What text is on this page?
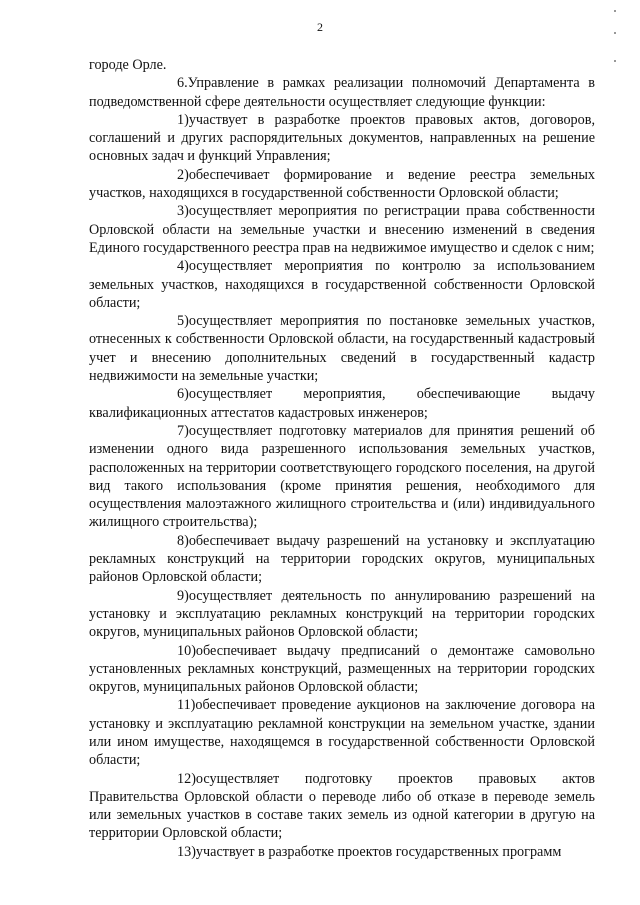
2

городе Орле.

6.Управление в рамках реализации полномочий Департамента в подведомственной сфере деятельности осуществляет следующие функции:

1)участвует в разработке проектов правовых актов, договоров, соглашений и других распорядительных документов, направленных на решение основных задач и функций Управления;

2)обеспечивает формирование и ведение реестра земельных участков, находящихся в государственной собственности Орловской области;

3)осуществляет мероприятия по регистрации права собственности Орловской области на земельные участки и внесению изменений в сведения Единого государственного реестра прав на недвижимое имущество и сделок с ним;

4)осуществляет мероприятия по контролю за использованием земельных участков, находящихся в государственной собственности Орловской области;

5)осуществляет мероприятия по постановке земельных участков, отнесенных к собственности Орловской области, на государственный кадастровый учет и внесению дополнительных сведений в государственный кадастр недвижимости на земельные участки;

6)осуществляет мероприятия, обеспечивающие выдачу квалификационных аттестатов кадастровых инженеров;

7)осуществляет подготовку материалов для принятия решений об изменении одного вида разрешенного использования земельных участков, расположенных на территории соответствующего городского поселения, на другой вид такого использования (кроме принятия решения, необходимого для осуществления малоэтажного жилищного строительства и (или) индивидуального жилищного строительства);

8)обеспечивает выдачу разрешений на установку и эксплуатацию рекламных конструкций на территории городских округов, муниципальных районов Орловской области;

9)осуществляет деятельность по аннулированию разрешений на установку и эксплуатацию рекламных конструкций на территории городских округов, муниципальных районов Орловской области;

10)обеспечивает выдачу предписаний о демонтаже самовольно установленных рекламных конструкций, размещенных на территории городских округов, муниципальных районов Орловской области;

11)обеспечивает проведение аукционов на заключение договора на установку и эксплуатацию рекламной конструкции на земельном участке, здании или ином имуществе, находящемся в государственной собственности Орловской области;

12)осуществляет подготовку проектов правовых актов Правительства Орловской области о переводе либо об отказе в переводе земель или земельных участков в составе таких земель из одной категории в другую на территории Орловской области;

13)участвует в разработке проектов государственных программ
